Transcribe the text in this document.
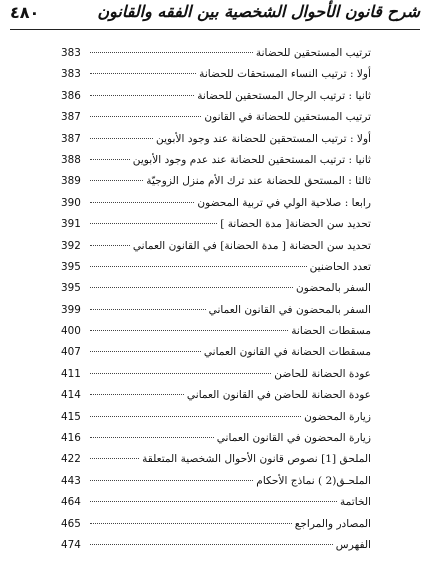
٤٨٠	شرح قانون الأحوال الشخصية بين الفقه والقانون
ترتيب المستحقين للحضانة
383
أولا : ترتيب النساء المستحقات للحضانة
383
ثانيا : ترتيب الرجال المستحقين للحضانة
386
ترتيب المستحقين للحضانة في القانون
387
أولا : ترتيب المستحقين للحضانة عند وجود الأبوين
387
ثانيا : ترتيب المستحقين للحضانة عند عدم وجود الأبوين
388
ثالثا : المستحق للحضانة عند ترك الأم منزل الزوجيّة
389
رابعا : صلاحية الولي في تربية المحضون
390
تحديد سن الحضانة[ مدة الحضانة ]
391
تحديد سن الحضانة [ مدة الحضانة] في القانون العماني
392
تعدد الحاضنين
395
السفر بالمحضون
395
السفر بالمحضون في القانون العماني
399
مسقطات الحضانة
400
مسقطات الحضانة في القانون العماني
407
عودة الحضانة للحاضن
411
عودة الحضانة للحاضن في القانون العماني
414
زيارة المحضون
415
زيارة المحضون في القانون العماني
416
الملحق [1] نصوص قانون الأحوال الشخصية المتعلقة
422
الملحـق(2 ) نماذج الأحكام
443
الخاتمة
464
المصادر والمراجع
465
الفهرس
474
